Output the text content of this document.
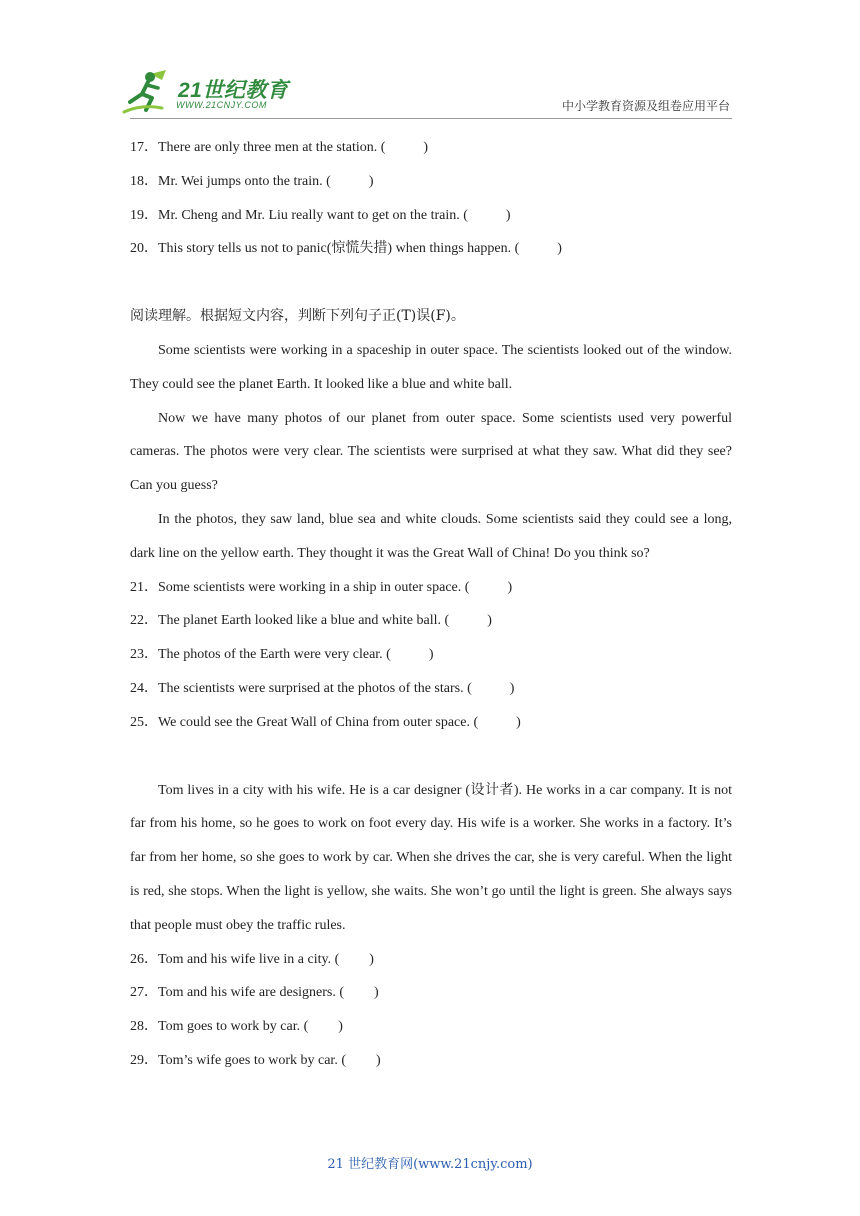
21世纪教育
WWW.21CNJY.COM	中小学教育资源及组卷应用平台
17．There are only three men at the station. (	)
18．Mr. Wei jumps onto the train. (	)
19．Mr. Cheng and Mr. Liu really want to get on the train. (	)
20．This story tells us not to panic(惊慌失措) when things happen. (	)
阅读理解。根据短文内容，判断下列句子正(T)误(F)。
Some scientists were working in a spaceship in outer space. The scientists looked out of the window. They could see the planet Earth. It looked like a blue and white ball.
Now we have many photos of our planet from outer space. Some scientists used very powerful cameras. The photos were very clear. The scientists were surprised at what they saw. What did they see? Can you guess?
In the photos, they saw land, blue sea and white clouds. Some scientists said they could see a long, dark line on the yellow earth. They thought it was the Great Wall of China! Do you think so?
21．Some scientists were working in a ship in outer space. (	)
22．The planet Earth looked like a blue and white ball. (	)
23．The photos of the Earth were very clear. (	)
24．The scientists were surprised at the photos of the stars. (	)
25．We could see the Great Wall of China from outer space. (	)
Tom lives in a city with his wife. He is a car designer (设计者). He works in a car company. It is not far from his home, so he goes to work on foot every day. His wife is a worker. She works in a factory. It’s far from her home, so she goes to work by car. When she drives the car, she is very careful. When the light is red, she stops. When the light is yellow, she waits. She won’t go until the light is green. She always says that people must obey the traffic rules.
26．Tom and his wife live in a city. ( )
27．Tom and his wife are designers. ( )
28．Tom goes to work by car. ( )
29．Tom’s wife goes to work by car. ( )
21 世纪教育网(www.21cnjy.com)
